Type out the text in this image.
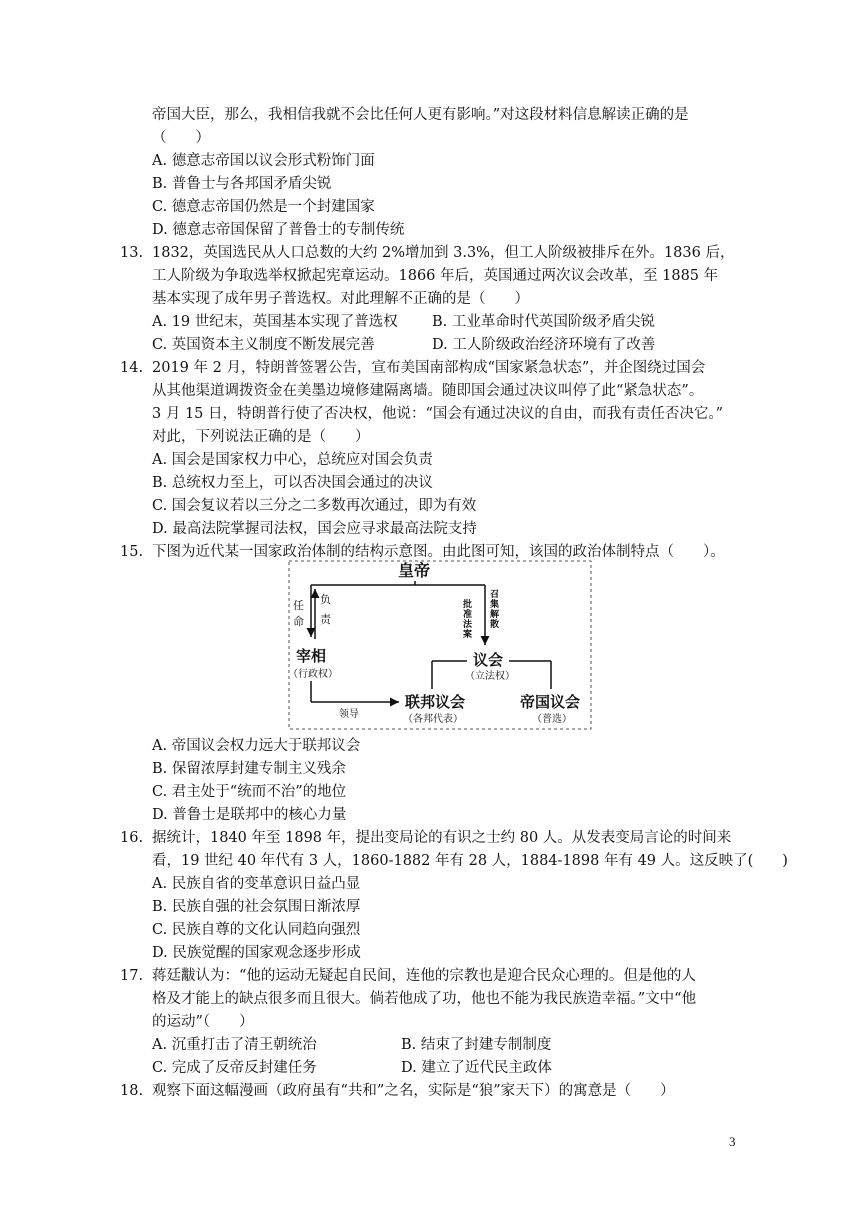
帝国大臣，那么，我相信我就不会比任何人更有影响。”对这段材料信息解读正确的是
（　　）
A. 德意志帝国以议会形式粉饰门面
B. 普鲁士与各邦国矛盾尖锐
C. 德意志帝国仍然是一个封建国家
D. 德意志帝国保留了普鲁士的专制传统
13. 1832，英国选民从人口总数的大约 2%增加到 3.3%，但工人阶级被排斥在外。1836 后，
工人阶级为争取选举权掀起宪章运动。1866 年后，英国通过两次议会改革，至 1885 年
基本实现了成年男子普选权。对此理解不正确的是（　　）
A. 19 世纪末，英国基本实现了普选权 B. 工业革命时代英国阶级矛盾尖锐
C. 英国资本主义制度不断发展完善	D. 工人阶级政治经济环境有了改善
14. 2019 年 2 月，特朗普签署公告，宣布美国南部构成“国家紧急状态”，并企图绕过国会
从其他渠道调拨资金在美墨边境修建隔离墙。随即国会通过决议叫停了此“紧急状态”。
3 月 15 日，特朗普行使了否决权，他说：“国会有通过决议的自由，而我有责任否决它。”
对此，下列说法正确的是（　　）
A. 国会是国家权力中心，总统应对国会负责
B. 总统权力至上，可以否决国会通过的决议
C. 国会复议若以三分之二多数再次通过，即为有效
D. 最高法院掌握司法权，国会应寻求最高法院支持
15. 下图为近代某一国家政治体制的结构示意图。由此图可知，该国的政治体制特点（　　）。
皇帝
任命
负责
批准法案
召集解散
宰相
（行政权）
议会
（立法权）
领导
联邦议会
（各邦代表）
帝国议会
（普选）
A. 帝国议会权力远大于联邦议会
B. 保留浓厚封建专制主义残余
C. 君主处于“统而不治”的地位
D. 普鲁士是联邦中的核心力量
16. 据统计，1840 年至 1898 年，提出变局论的有识之士约 80 人。从发表变局言论的时间来
看，19 世纪 40 年代有 3 人，1860-1882 年有 28 人，1884-1898 年有 49 人。这反映了(　　)
A. 民族自省的变革意识日益凸显
B. 民族自强的社会氛围日渐浓厚
C. 民族自尊的文化认同趋向强烈
D. 民族觉醒的国家观念逐步形成
17. 蒋廷黻认为：“他的运动无疑起自民间，连他的宗教也是迎合民众心理的。但是他的人
格及才能上的缺点很多而且很大。倘若他成了功，他也不能为我民族造幸福。”文中“他
的运动”（　　）
A. 沉重打击了清王朝统治	B. 结束了封建专制制度
C. 完成了反帝反封建任务	D. 建立了近代民主政体
18. 观察下面这幅漫画（政府虽有“共和”之名，实际是“狼”家天下）的寓意是（　　）
3
